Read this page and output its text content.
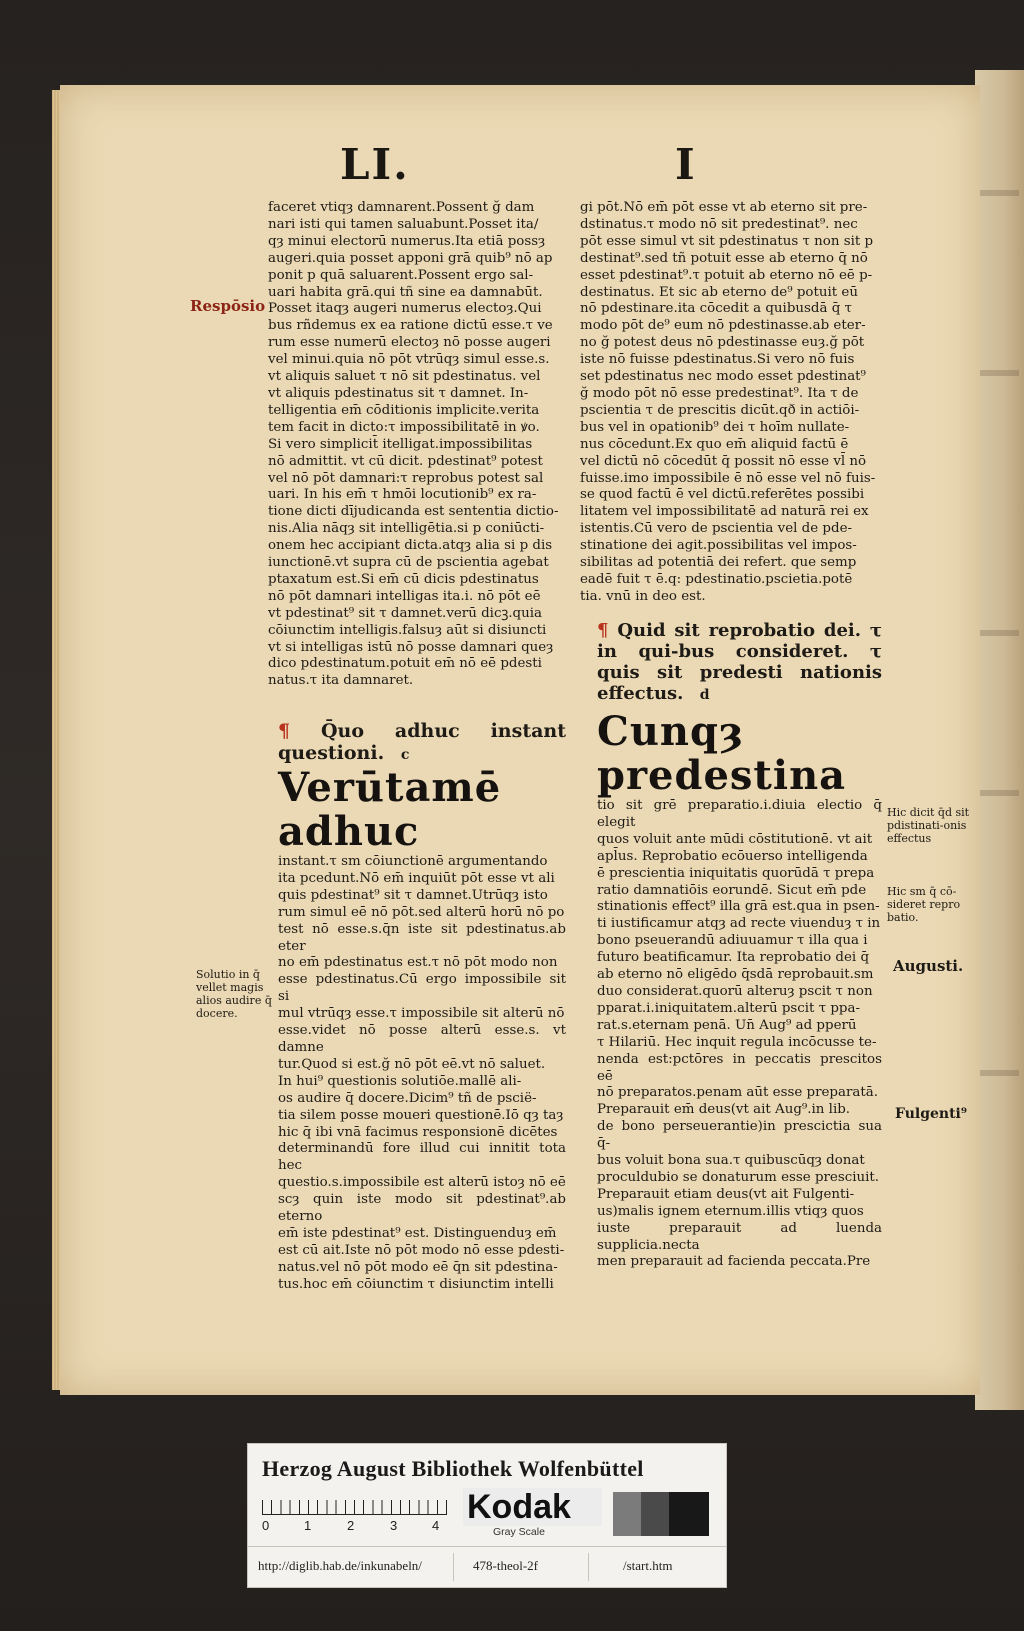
LI.	I

faceret vtiqȝ damnarent.Possent ğ dam

nari isti qui tamen saluabunt.Posset ita/

qȝ minui electorū numerus.Ita etiā possȝ

augeri.quia posset apponi grā quib⁹ nō ap

ponit p quā saluarent.Possent ergo sal-

uari habita grā.qui tñ sine ea damnabūt.

Posset itaqȝ augeri numerus electoȝ.Qui

bus rñdemus ex ea ratione dictū esse.τ ve

rum esse numerū electoȝ nō posse augeri

vel minui.quia nō pōt vtrūqȝ simul esse.s.

vt aliquis saluet τ nō sit pdestinatus. vel

vt aliquis pdestinatus sit τ damnet. In-

telligentia em̄ cōditionis implicite.verita

tem facit in dicto:τ impossibilitatē in ꝟo.

Si vero simplicit̄ itelligat.impossibilitas

nō admittit. vt cū dicit. pdestinat⁹ potest

vel nō pōt damnari:τ reprobus potest sal

uari. In his em̄ τ hmōi locutionib⁹ ex ra-

tione dicti dījudicanda est sententia dictio-

nis.Alia nāqȝ sit intelligētia.si p coniūcti-

onem hec accipiant dicta.atqȝ alia si p dis

iunctionē.vt supra cū de pscientia agebat

ptaxatum est.Si em̄ cū dicis pdestinatus

nō pōt damnari intelligas ita.i. nō pōt eē

vt pdestinat⁹ sit τ damnet.verū dicꝫ.quia

cōiunctim intelligis.falsuȝ aūt si disiuncti

vt si intelligas istū nō posse damnari queȝ

dico pdestinatum.potuit em̄ nō eē pdesti

natus.τ ita damnaret.

Respōsio
¶ Q̄uo adhuc instant questioni. c
Verūtamē adhuc

instant.τ sm cōiunctionē argumentando

ita pcedunt.Nō em̄ inquiūt pōt esse vt ali

quis pdestinat⁹ sit τ damnet.Utrūqȝ isto

rum simul eē nō pōt.sed alterū horū nō po

test nō esse.s.q̄n iste sit pdestinatus.ab eter

no em̄ pdestinatus est.τ nō pōt modo non

esse pdestinatus.Cū ergo impossibile sit si

mul vtrūqȝ esse.τ impossibile sit alterū nō

esse.videt nō posse alterū esse.s. vt damne

tur.Quod si est.ğ nō pōt eē.vt nō saluet.

In hui⁹ questionis solutiōe.mallē ali-

os audire q̄ docere.Dicim⁹ tñ de pscië-

tia silem posse moueri questionē.Iō qȝ taȝ

hic q̄ ibi vnā facimus responsionē dicētes

determinandū fore illud cui innitit tota hec

questio.s.impossibile est alterū istoȝ nō eē

scȝ quin iste modo sit pdestinat⁹.ab eterno

em̄ iste pdestinat⁹ est. Distinguenduȝ em̄

est cū ait.Iste nō pōt modo nō esse pdesti-

natus.vel nō pōt modo eē q̄n sit pdestina-

tus.hoc em̄ cōiunctim τ disiunctim intelli

Solutio in q̄ vellet magis alios audire q̄ docere.

gi pōt.Nō em̄ pōt esse vt ab eterno sit pre-

dstinatus.τ modo nō sit predestinat⁹. nec

pōt esse simul vt sit pdestinatus τ non sit p

destinat⁹.sed tñ potuit esse ab eterno q̄ nō

esset pdestinat⁹.τ potuit ab eterno nō eē p-

destinatus. Et sic ab eterno de⁹ potuit eū

nō pdestinare.ita cōcedit a quibusdā q̄ τ

modo pōt de⁹ eum nō pdestinasse.ab eter-

no ğ potest deus nō pdestinasse euȝ.ğ pōt

iste nō fuisse pdestinatus.Si vero nō fuis

set pdestinatus nec modo esset pdestinat⁹

ğ modo pōt nō esse predestinat⁹. Ita τ de

pscientia τ de prescitis dicūt.qð in actiōi-

bus vel in opationib⁹ dei τ hoīm nullate-

nus cōcedunt.Ex quo em̄ aliquid factū ē

vel dictū nō cōcedūt q̄ possit nō esse vl̄ nō

fuisse.imo impossibile ē nō esse vel nō fuis-

se quod factū ē vel dictū.referētes possibi

litatem vel impossibilitatē ad naturā rei ex

istentis.Cū vero de pscientia vel de pde-

stinatione dei agit.possibilitas vel impos-

sibilitas ad potentiā dei refert. que semp

eadē fuit τ ē.q: pdestinatio.pscietia.potē

tia. vnū in deo est.

¶ Quid sit reprobatio dei. τ in qui-bus consideret. τ quis sit predesti nationis effectus. d
Cunqȝ predestina

tio sit grē preparatio.i.diuia electio q̄ elegit

quos voluit ante mūdi cōstitutionē. vt ait

apl̄us. Reprobatio ecōuerso intelligenda

ē prescientia iniquitatis quorūdā τ prepa

ratio damnatiōis eorundē. Sicut em̄ pde

stinationis effect⁹ illa grā est.qua in psen-

ti iustificamur atqȝ ad recte viuenduȝ τ in

bono pseuerandū adiuuamur τ illa qua i

futuro beatificamur. Ita reprobatio dei q̄

ab eterno nō eligēdo q̄sdā reprobauit.sm

duo considerat.quorū alteruȝ pscit τ non

pparat.i.iniquitatem.alterū pscit τ ppa-

rat.s.eternam penā. Un̄ Aug⁹ ad pperū

τ Hilariū. Hec inquit regula incōcusse te-

nenda est:pctōres in peccatis prescitos eē

nō preparatos.penam aūt esse preparatā.

Preparauit em̄ deus(vt ait Aug⁹.in lib.

de bono perseuerantie)in prescictia sua q̄-

bus voluit bona sua.τ quibuscūqȝ donat

proculdubio se donaturum esse presciuit.

Preparauit etiam deus(vt ait Fulgenti-

us)malis ignem eternum.illis vtiqȝ quos

iuste preparauit ad luenda supplicia.necta

men preparauit ad facienda peccata.Pre

Hic dicit q̄d sit pdistinati-onis effectus
Hic sm q̄ cō-sideret repro batio.
Augusti.
Fulgenti⁹
Herzog August Bibliothek Wolfenbüttel
0	1	2	3	4 Kodak
Gray Scale
http://diglib.hab.de/inkunabeln/	478-theol-2f	/start.htm
